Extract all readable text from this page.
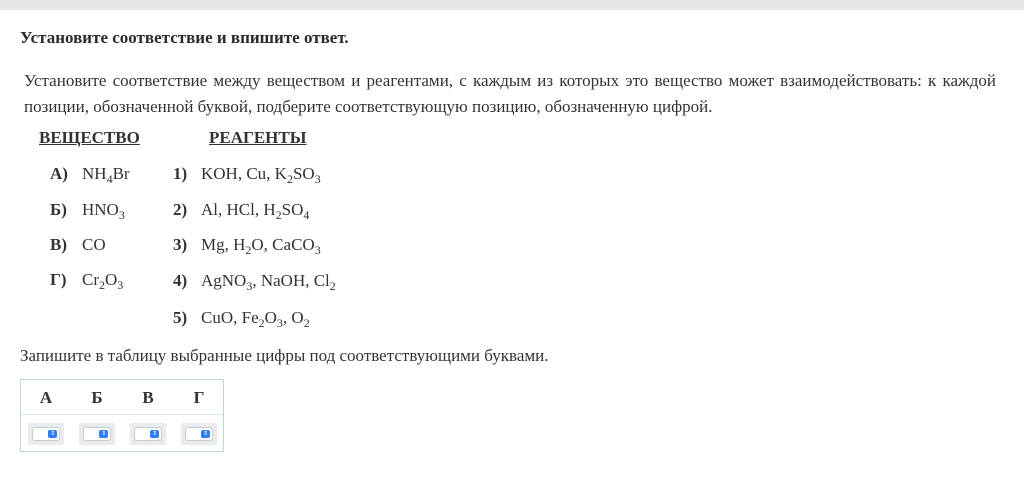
Установите соответствие и впишите ответ.
Установите соответствие между веществом и реагентами, с каждым из которых это вещество может взаимодействовать: к каждой позиции, обозначенной буквой, подберите соответствующую позицию, обозначенную цифрой.
ВЕЩЕСТВО	РЕАГЕНТЫ
А) $NH_4Br$
Б) $HNO_3$
В) CO
Г) $Cr_2O_3$
1) KOH, Cu, $K_2SO_3$
2) Al, HCl, $H_2SO_4$
3) Mg, $H_2O$, CaCO$_3$
4) AgNO$_3$, NaOH, $Cl_2$
5) CuO, $Fe_2O_3$, $O_2$
Запишите в таблицу выбранные цифры под соответствующими буквами.
А	Б	В	Г
⇕	⇕	⇕	⇕
